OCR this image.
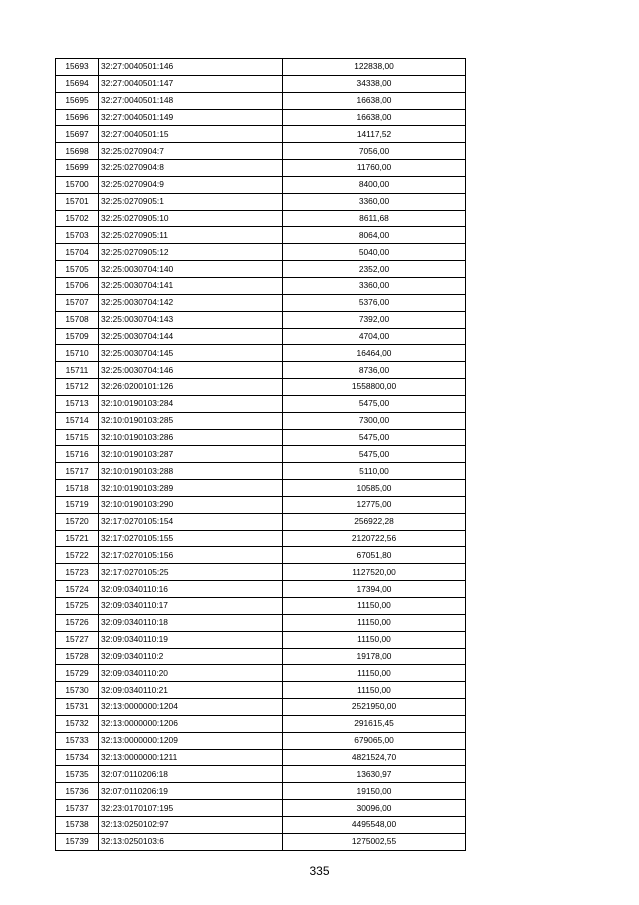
15693	32:27:0040501:146	122838,00
15694	32:27:0040501:147	34338,00
15695	32:27:0040501:148	16638,00
15696	32:27:0040501:149	16638,00
15697	32:27:0040501:15	14117,52
15698	32:25:0270904:7	7056,00
15699	32:25:0270904:8	11760,00
15700	32:25:0270904:9	8400,00
15701	32:25:0270905:1	3360,00
15702	32:25:0270905:10	8611,68
15703	32:25:0270905:11	8064,00
15704	32:25:0270905:12	5040,00
15705	32:25:0030704:140	2352,00
15706	32:25:0030704:141	3360,00
15707	32:25:0030704:142	5376,00
15708	32:25:0030704:143	7392,00
15709	32:25:0030704:144	4704,00
15710	32:25:0030704:145	16464,00
15711	32:25:0030704:146	8736,00
15712	32:26:0200101:126	1558800,00
15713	32:10:0190103:284	5475,00
15714	32:10:0190103:285	7300,00
15715	32:10:0190103:286	5475,00
15716	32:10:0190103:287	5475,00
15717	32:10:0190103:288	5110,00
15718	32:10:0190103:289	10585,00
15719	32:10:0190103:290	12775,00
15720	32:17:0270105:154	256922,28
15721	32:17:0270105:155	2120722,56
15722	32:17:0270105:156	67051,80
15723	32:17:0270105:25	1127520,00
15724	32:09:0340110:16	17394,00
15725	32:09:0340110:17	11150,00
15726	32:09:0340110:18	11150,00
15727	32:09:0340110:19	11150,00
15728	32:09:0340110:2	19178,00
15729	32:09:0340110:20	11150,00
15730	32:09:0340110:21	11150,00
15731	32:13:0000000:1204	2521950,00
15732	32:13:0000000:1206	291615,45
15733	32:13:0000000:1209	679065,00
15734	32:13:0000000:1211	4821524,70
15735	32:07:0110206:18	13630,97
15736	32:07:0110206:19	19150,00
15737	32:23:0170107:195	30096,00
15738	32:13:0250102:97	4495548,00
15739	32:13:0250103:6	1275002,55
335
